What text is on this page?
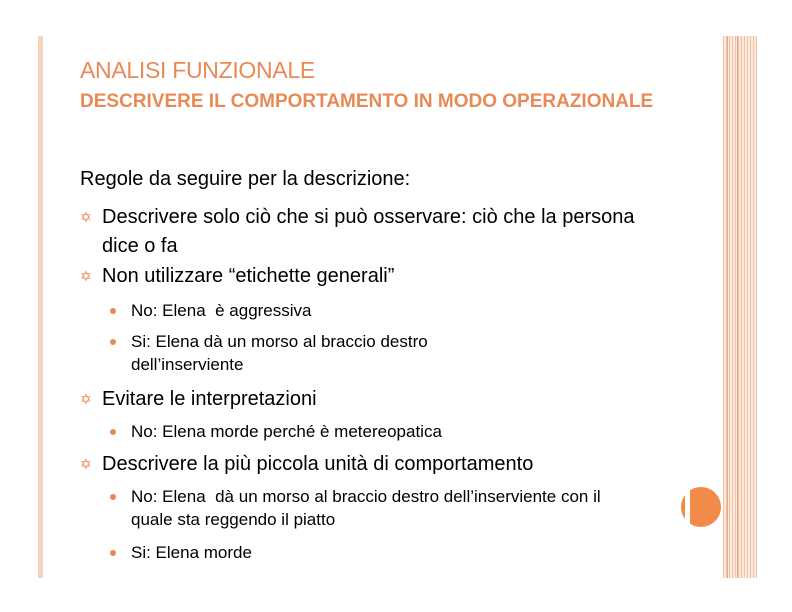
ANALISI FUNZIONALE
DESCRIVERE IL COMPORTAMENTO IN MODO OPERAZIONALE

Regole da seguire per la descrizione:

✡ Descrivere solo ciò che si può osservare: ciò che la persona dice o fa
✡ Non utilizzare “etichette generali”
No: Elena  è aggressiva
Si: Elena dà un morso al braccio destro dell’inserviente
✡ Evitare le interpretazioni
No: Elena morde perché è metereopatica
✡ Descrivere la più piccola unità di comportamento
No: Elena  dà un morso al braccio destro dell’inserviente con il quale sta reggendo il piatto
Si: Elena morde
